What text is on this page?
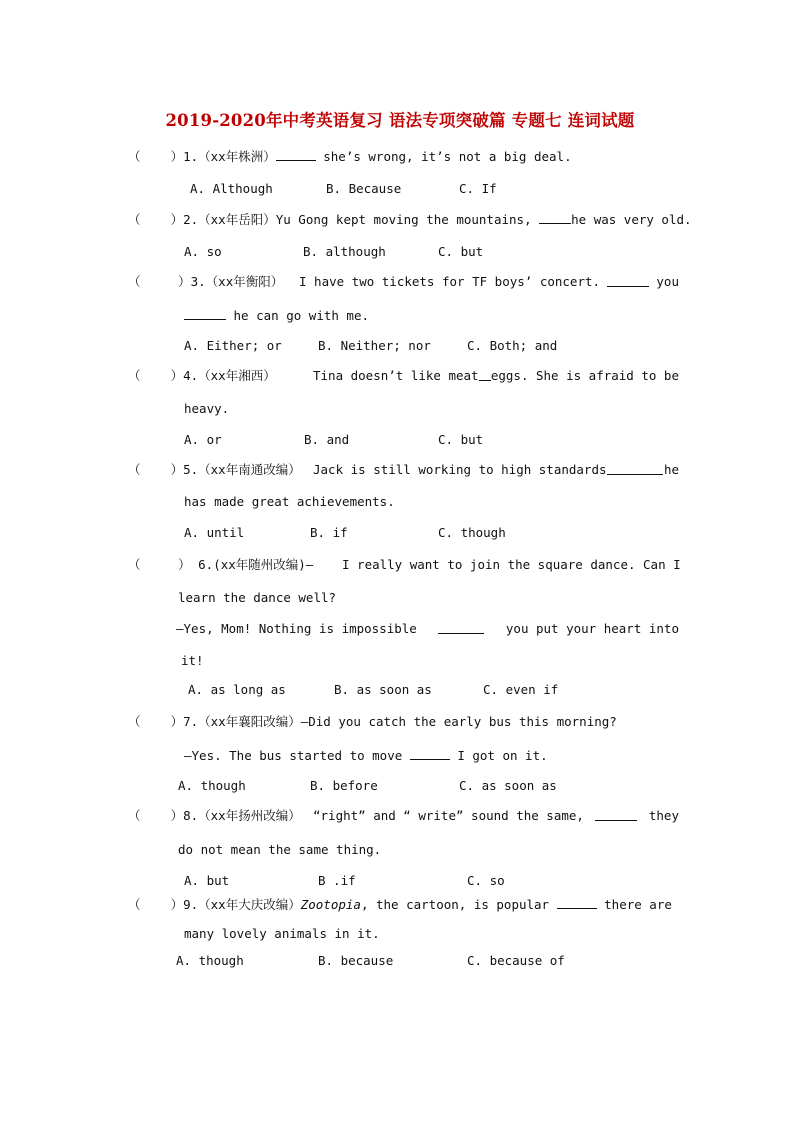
2019-2020年中考英语复习 语法专项突破篇 专题七 连词试题
（    ）1.（xx年株洲）	she’s wrong, it’s not a big deal.
A. Although	B. Because	C. If
（    ）2.（xx年岳阳）Yu Gong kept moving the mountains,	he was very old.
A. so	B. although	C. but
（     ）3.（xx年衡阳） I have two tickets for TF boys’ concert.	you
he can go with me.
A. Either; or	B. Neither; nor	C. Both; and
（    ）4.（xx年湘西）	Tina doesn’t like meat eggs. She is afraid to be
heavy.
A. or	B. and	C. but
（    ）5.（xx年南通改编） Jack is still working to high standards	he
has made great achievements.
A. until	B. if	C. though
（     ） 6.(xx年随州改编)— I really want to join the square dance. Can I
learn the dance well?
—Yes, Mom! Nothing is impossible	you put your heart into
it!
A. as long as	B. as soon as	C. even if
（    ）7.（xx年襄阳改编）—Did you catch the early bus this morning?
—Yes. The bus started to move	I got on it.
A. though	B. before	C. as soon as
（    ）8.（xx年扬州改编） “right” and “ write” sound the same,	they
do not mean the same thing.
A. but	B .if	C. so
（    ）9.（xx年大庆改编）Zootopia, the cartoon, is popular	there are
many lovely animals in it.
A. though	B. because	C. because of
